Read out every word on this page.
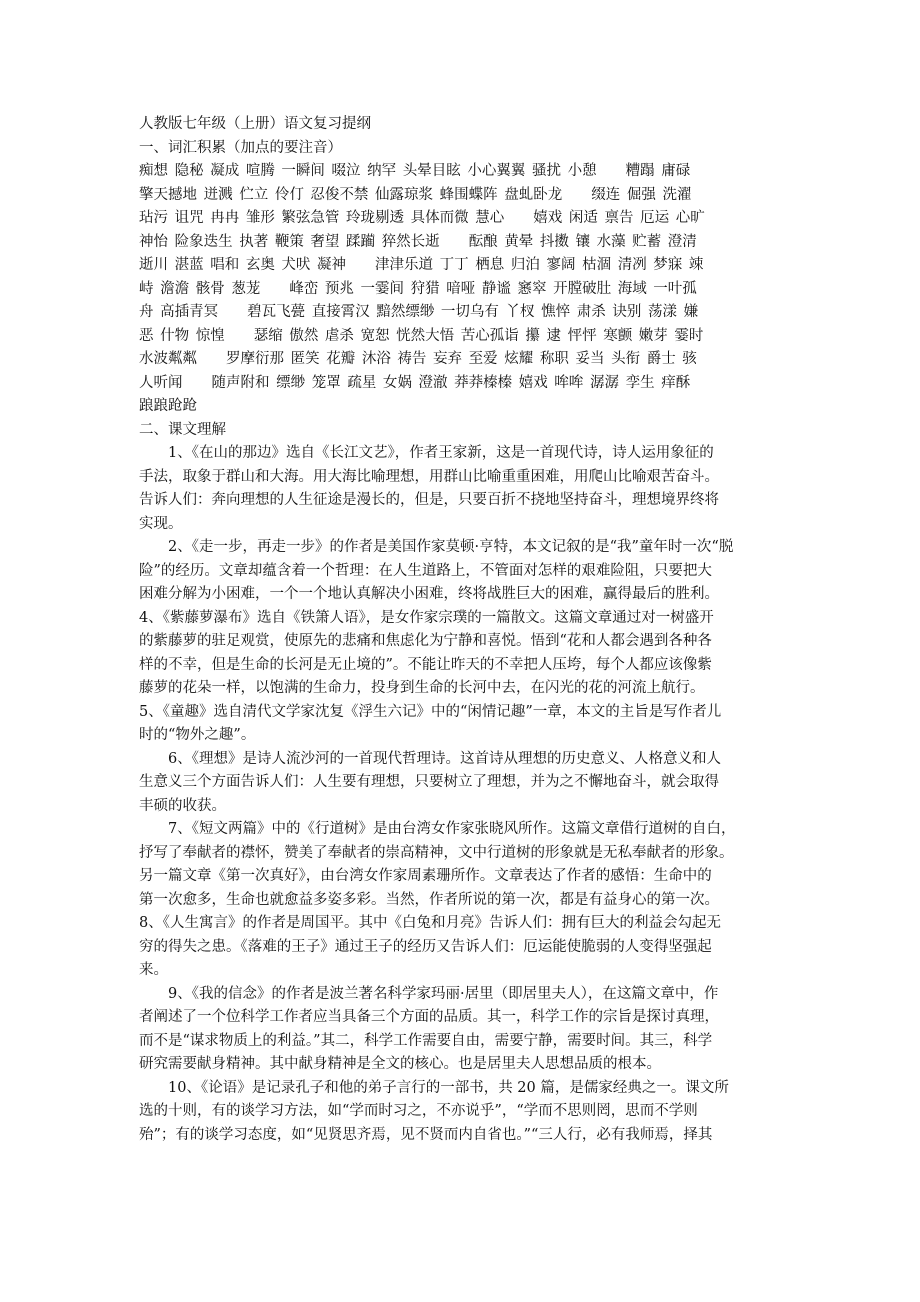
人教版七年级（上册）语文复习提纲

一、词汇积累（加点的要注音）

痴想 隐秘 凝成 喧腾 一瞬间 啜泣 纳罕 头晕目眩 小心翼翼 骚扰 小憩　　糟蹋 庸碌
擎天撼地 迸溅 伫立 伶仃 忍俊不禁 仙露琼浆 蜂围蝶阵 盘虬卧龙　　缀连 倔强 洗濯
玷污 诅咒 冉冉 雏形 繁弦急管 玲珑剔透 具体而微 慧心　　嬉戏 闲适 禀告 厄运 心旷
神怡 险象迭生 执著 鞭策 奢望 蹂躏 猝然长逝　　酝酿 黄晕 抖擞 镶 水藻 贮蓄 澄清
逝川 湛蓝 唱和 玄奥 犬吠 凝神　　津津乐道 丁丁 栖息 归泊 寥阔 枯涸 清冽 梦寐 竦
峙 澹澹 骸骨 葱茏　　峰峦 预兆 一霎间 狩猎 喑哑 静谧 窸窣 开膛破肚 海域 一叶孤
舟 高插青冥　　碧瓦飞甍 直接霄汉 黯然缥缈 一切乌有 丫杈 憔悴 肃杀 诀别 荡漾 嫌
恶 什物 惊惶　　瑟缩 傲然 虐杀 宽恕 恍然大悟 苦心孤诣 攥 逮 怦怦 寒颤 嫩芽 霎时
水波粼粼　　罗摩衍那 匿笑 花瓣 沐浴 祷告 妄弃 至爱 炫耀 称职 妥当 头衔 爵士 骇
人听闻　　随声附和 缥缈 笼罩 疏星 女娲 澄澈 莽莽榛榛 嬉戏 哞哞 潺潺 孪生 痒酥
踉踉跄跄

二、课文理解

1、《在山的那边》选自《长江文艺》，作者王家新，这是一首现代诗，诗人运用象征的
手法，取象于群山和大海。用大海比喻理想，用群山比喻重重困难，用爬山比喻艰苦奋斗。
告诉人们：奔向理想的人生征途是漫长的，但是，只要百折不挠地坚持奋斗，理想境界终将
实现。
2、《走一步，再走一步》的作者是美国作家莫顿·亨特，本文记叙的是“我”童年时一次“脱
险”的经历。文章却蕴含着一个哲理：在人生道路上，不管面对怎样的艰难险阻，只要把大
困难分解为小困难，一个一个地认真解决小困难，终将战胜巨大的困难，赢得最后的胜利。
4、《紫藤萝瀑布》选自《铁箫人语》，是女作家宗璞的一篇散文。这篇文章通过对一树盛开
的紫藤萝的驻足观赏，使原先的悲痛和焦虑化为宁静和喜悦。悟到“花和人都会遇到各种各
样的不幸，但是生命的长河是无止境的”。不能让昨天的不幸把人压垮，每个人都应该像紫
藤萝的花朵一样，以饱满的生命力，投身到生命的长河中去，在闪光的花的河流上航行。
5、《童趣》选自清代文学家沈复《浮生六记》中的“闲情记趣”一章，本文的主旨是写作者儿
时的“物外之趣”。
6、《理想》是诗人流沙河的一首现代哲理诗。这首诗从理想的历史意义、人格意义和人
生意义三个方面告诉人们：人生要有理想，只要树立了理想，并为之不懈地奋斗，就会取得
丰硕的收获。
7、《短文两篇》中的《行道树》是由台湾女作家张晓风所作。这篇文章借行道树的自白，
抒写了奉献者的襟怀，赞美了奉献者的崇高精神，文中行道树的形象就是无私奉献者的形象。
另一篇文章《第一次真好》，由台湾女作家周素珊所作。文章表达了作者的感悟：生命中的
第一次愈多，生命也就愈益多姿多彩。当然，作者所说的第一次，都是有益身心的第一次。
8、《人生寓言》的作者是周国平。其中《白兔和月亮》告诉人们：拥有巨大的利益会勾起无
穷的得失之患。《落难的王子》通过王子的经历又告诉人们：厄运能使脆弱的人变得坚强起
来。
9、《我的信念》的作者是波兰著名科学家玛丽·居里（即居里夫人），在这篇文章中，作
者阐述了一个位科学工作者应当具备三个方面的品质。其一，科学工作的宗旨是探讨真理，
而不是“谋求物质上的利益。”其二，科学工作需要自由，需要宁静，需要时间。其三，科学
研究需要献身精神。其中献身精神是全文的核心。也是居里夫人思想品质的根本。
10、《论语》是记录孔子和他的弟子言行的一部书，共 20 篇，是儒家经典之一。课文所
选的十则，有的谈学习方法，如“学而时习之，不亦说乎”，“学而不思则罔，思而不学则
殆”；有的谈学习态度，如“见贤思齐焉，见不贤而内自省也。”“三人行，必有我师焉，择其
